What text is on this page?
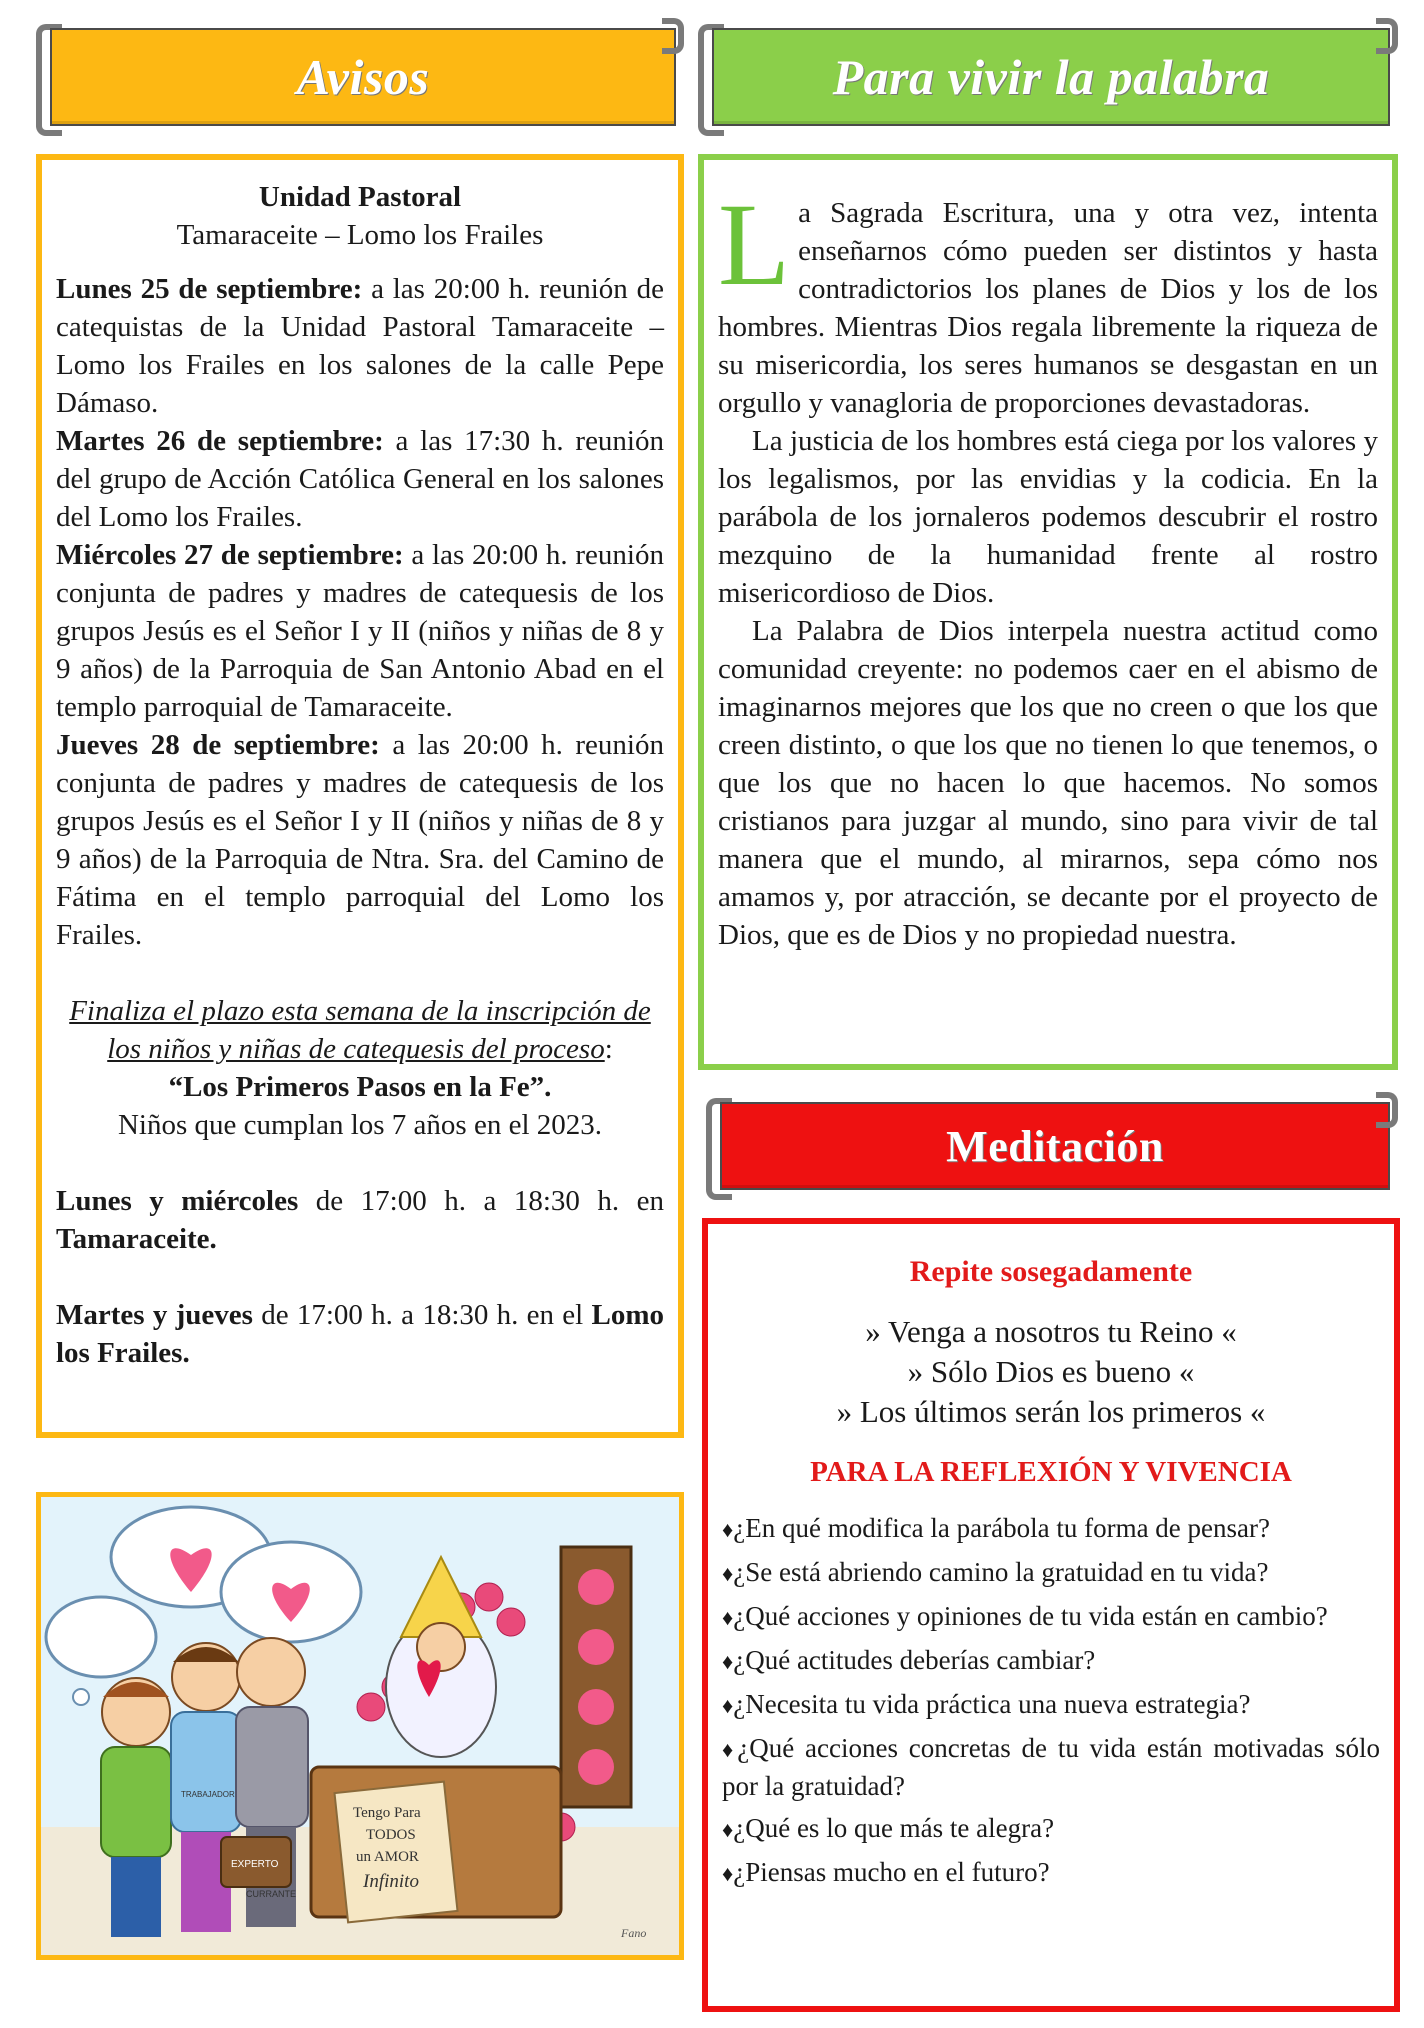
Avisos	Para vivir la palabra
Meditación
Unidad Pastoral
Tamaraceite – Lomo los Frailes

Lunes 25 de septiembre: a las 20:00 h. reunión de catequistas de la Unidad Pastoral Tamaraceite – Lomo los Frailes en los salones de la calle Pepe Dámaso.

Martes 26 de septiembre: a las 17:30 h. reunión del grupo de Acción Católica General en los salones del Lomo los Frailes.

Miércoles 27 de septiembre: a las 20:00 h. reunión conjunta de padres y madres de catequesis de los grupos Jesús es el Señor I y II (niños y niñas de 8 y 9 años) de la Parroquia de San Antonio Abad en el templo parroquial de Tamaraceite.

Jueves 28 de septiembre: a las 20:00 h. reunión conjunta de padres y madres de catequesis de los grupos Jesús es el Señor I y II (niños y niñas de 8 y 9 años) de la Parroquia de Ntra. Sra. del Camino de Fátima en el templo parroquial del Lomo los Frailes.

Finaliza el plazo esta semana de la inscripción de los niños y niñas de catequesis del proceso:

“Los Primeros Pasos en la Fe”.

Niños que cumplan los 7 años en el 2023.

Lunes y miércoles de 17:00 h. a 18:30 h. en Tamaraceite.

Martes y jueves de 17:00 h. a 18:30 h. en el Lomo los Frailes.

Tengo Para
TODOS
un AMOR
Infinito
EXPERTO
TRABAJADOR
CURRANTE
Fano

La Sagrada Escritura, una y otra vez, intenta enseñarnos cómo pueden ser distintos y hasta contradictorios los planes de Dios y los de los hombres. Mientras Dios regala libremente la riqueza de su misericordia, los seres humanos se desgastan en un orgullo y vanagloria de proporciones devastadoras.

La justicia de los hombres está ciega por los valores y los legalismos, por las envidias y la codicia. En la parábola de los jornaleros podemos descubrir el rostro mezquino de la humanidad frente al rostro misericordioso de Dios.

La Palabra de Dios interpela nuestra actitud como comunidad creyente: no podemos caer en el abismo de imaginarnos mejores que los que no creen o que los que creen distinto, o que los que no tienen lo que tenemos, o que los que no hacen lo que hacemos. No somos cristianos para juzgar al mundo, sino para vivir de tal manera que el mundo, al mirarnos, sepa cómo nos amamos y, por atracción, se decante por el proyecto de Dios, que es de Dios y no propiedad nuestra.

Repite sosegadamente

» Venga a nosotros tu Reino «

» Sólo Dios es bueno «

» Los últimos serán los primeros «

PARA LA REFLEXIÓN Y VIVENCIA

♦¿En qué modifica la parábola tu forma de pensar?

♦¿Se está abriendo camino la gratuidad en tu vida?

♦¿Qué acciones y opiniones de tu vida están en cambio?

♦¿Qué actitudes deberías cambiar?

♦¿Necesita tu vida práctica una nueva estrategia?

♦¿Qué acciones concretas de tu vida están motivadas sólo por la gratuidad?

♦¿Qué es lo que más te alegra?

♦¿Piensas mucho en el futuro?
